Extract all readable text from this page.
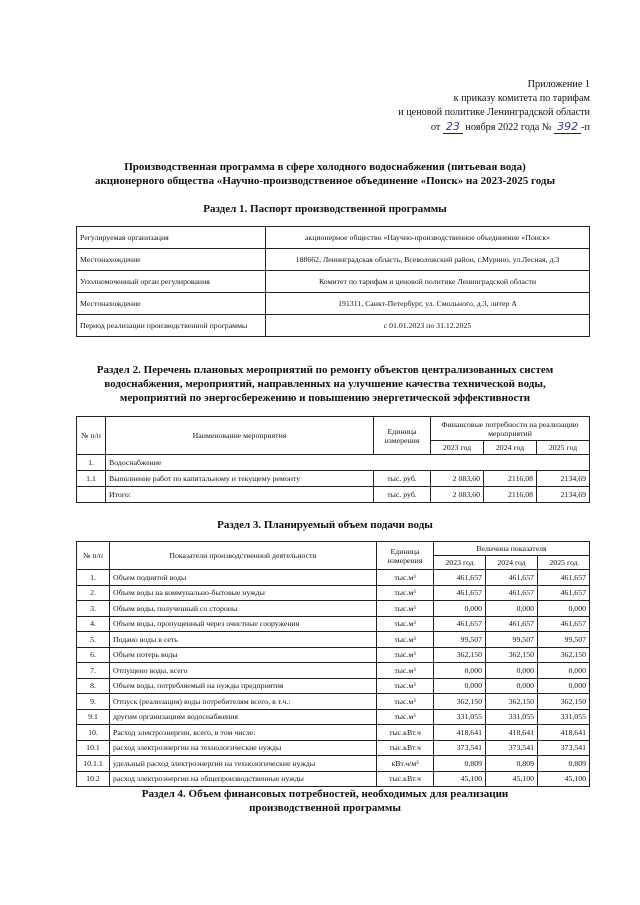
Приложение 1
к приказу комитета по тарифам
и ценовой политике Ленинградской области
от 23 ноября 2022 года № 392 -п
Производственная программа в сфере холодного водоснабжения (питьевая вода)
акционерного общества «Научно-производственное объединение «Поиск» на 2023-2025 годы
Раздел 1. Паспорт производственной программы
Регулируемая организация	акционерное общество «Научно-производственное объединение «Поиск»
Местонахождение	188662, Ленинградская область, Всеволожский район, г.Мурино, ул.Лесная, д.3
Уполномоченный орган регулирования	Комитет по тарифам и ценовой политике Ленинградской области
Местонахождение	191311, Санкт-Петербург, ул. Смольного, д.3, литер А
Период реализации производственной программы	с 01.01.2023 по 31.12.2025
Раздел 2. Перечень плановых мероприятий по ремонту объектов централизованных систем
водоснабжения, мероприятий, направленных на улучшение качества технической воды,
мероприятий по энергосбережению и повышению энергетической эффективности
№ п/п	Наименование мероприятия	Единица измерения	Финансовые потребности на реализацию мероприятий		
			2023 год	2024 год	2025 год
1.	Водоснабжение				
1.1	Выполнение работ по капитальному и текущему ремонту	тыс. руб.	2 083,60	2116,08	2134,69
	Итого:	тыс. руб.	2 083,60	2116,08	2134,69
Раздел 3. Планируемый объем подачи воды
№ п/п	Показатели производственной деятельности	Единица измерения	Величина показателя		
			2023 год	2024 год	2025 год
1.	Объем поднятой воды	тыс.м³	461,657	461,657	461,657
2.	Объем воды на коммунально-бытовые нужды	тыс.м³	461,657	461,657	461,657
3.	Объем воды, полученный со стороны	тыс.м³	0,000	0,000	0,000
4.	Объем воды, пропущенный через очистные сооружения	тыс.м³	461,657	461,657	461,657
5.	Подано воды в сеть	тыс.м³	99,507	99,507	99,507
6.	Объем потерь воды	тыс.м³	362,150	362,150	362,150
7.	Отпущено воды, всего	тыс.м³	0,000	0,000	0,000
8.	Объем воды, потребляемый на нужды предприятия	тыс.м³	0,000	0,000	0,000
9.	Отпуск (реализация) воды потребителям всего, в т.ч.:	тыс.м³	362,150	362,150	362,150
9.1	другим организациям водоснабжения	тыс.м³	331,055	331,055	331,055
10.	Расход электроэнергии, всего, в том числе:	тыс.кВт.ч	418,641	418,641	418,641
10.1	расход электроэнергии на технологические нужды	тыс.кВт.ч	373,541	373,541	373,541
10.1.1	удельный расход электроэнергии на технологические нужды	кВт.ч/м³	0,809	0,809	0,809
10.2	расход электроэнергии на общепроизводственные нужды	тыс.кВт.ч	45,100	45,100	45,100
Раздел 4. Объем финансовых потребностей, необходимых для реализации
производственной программы
